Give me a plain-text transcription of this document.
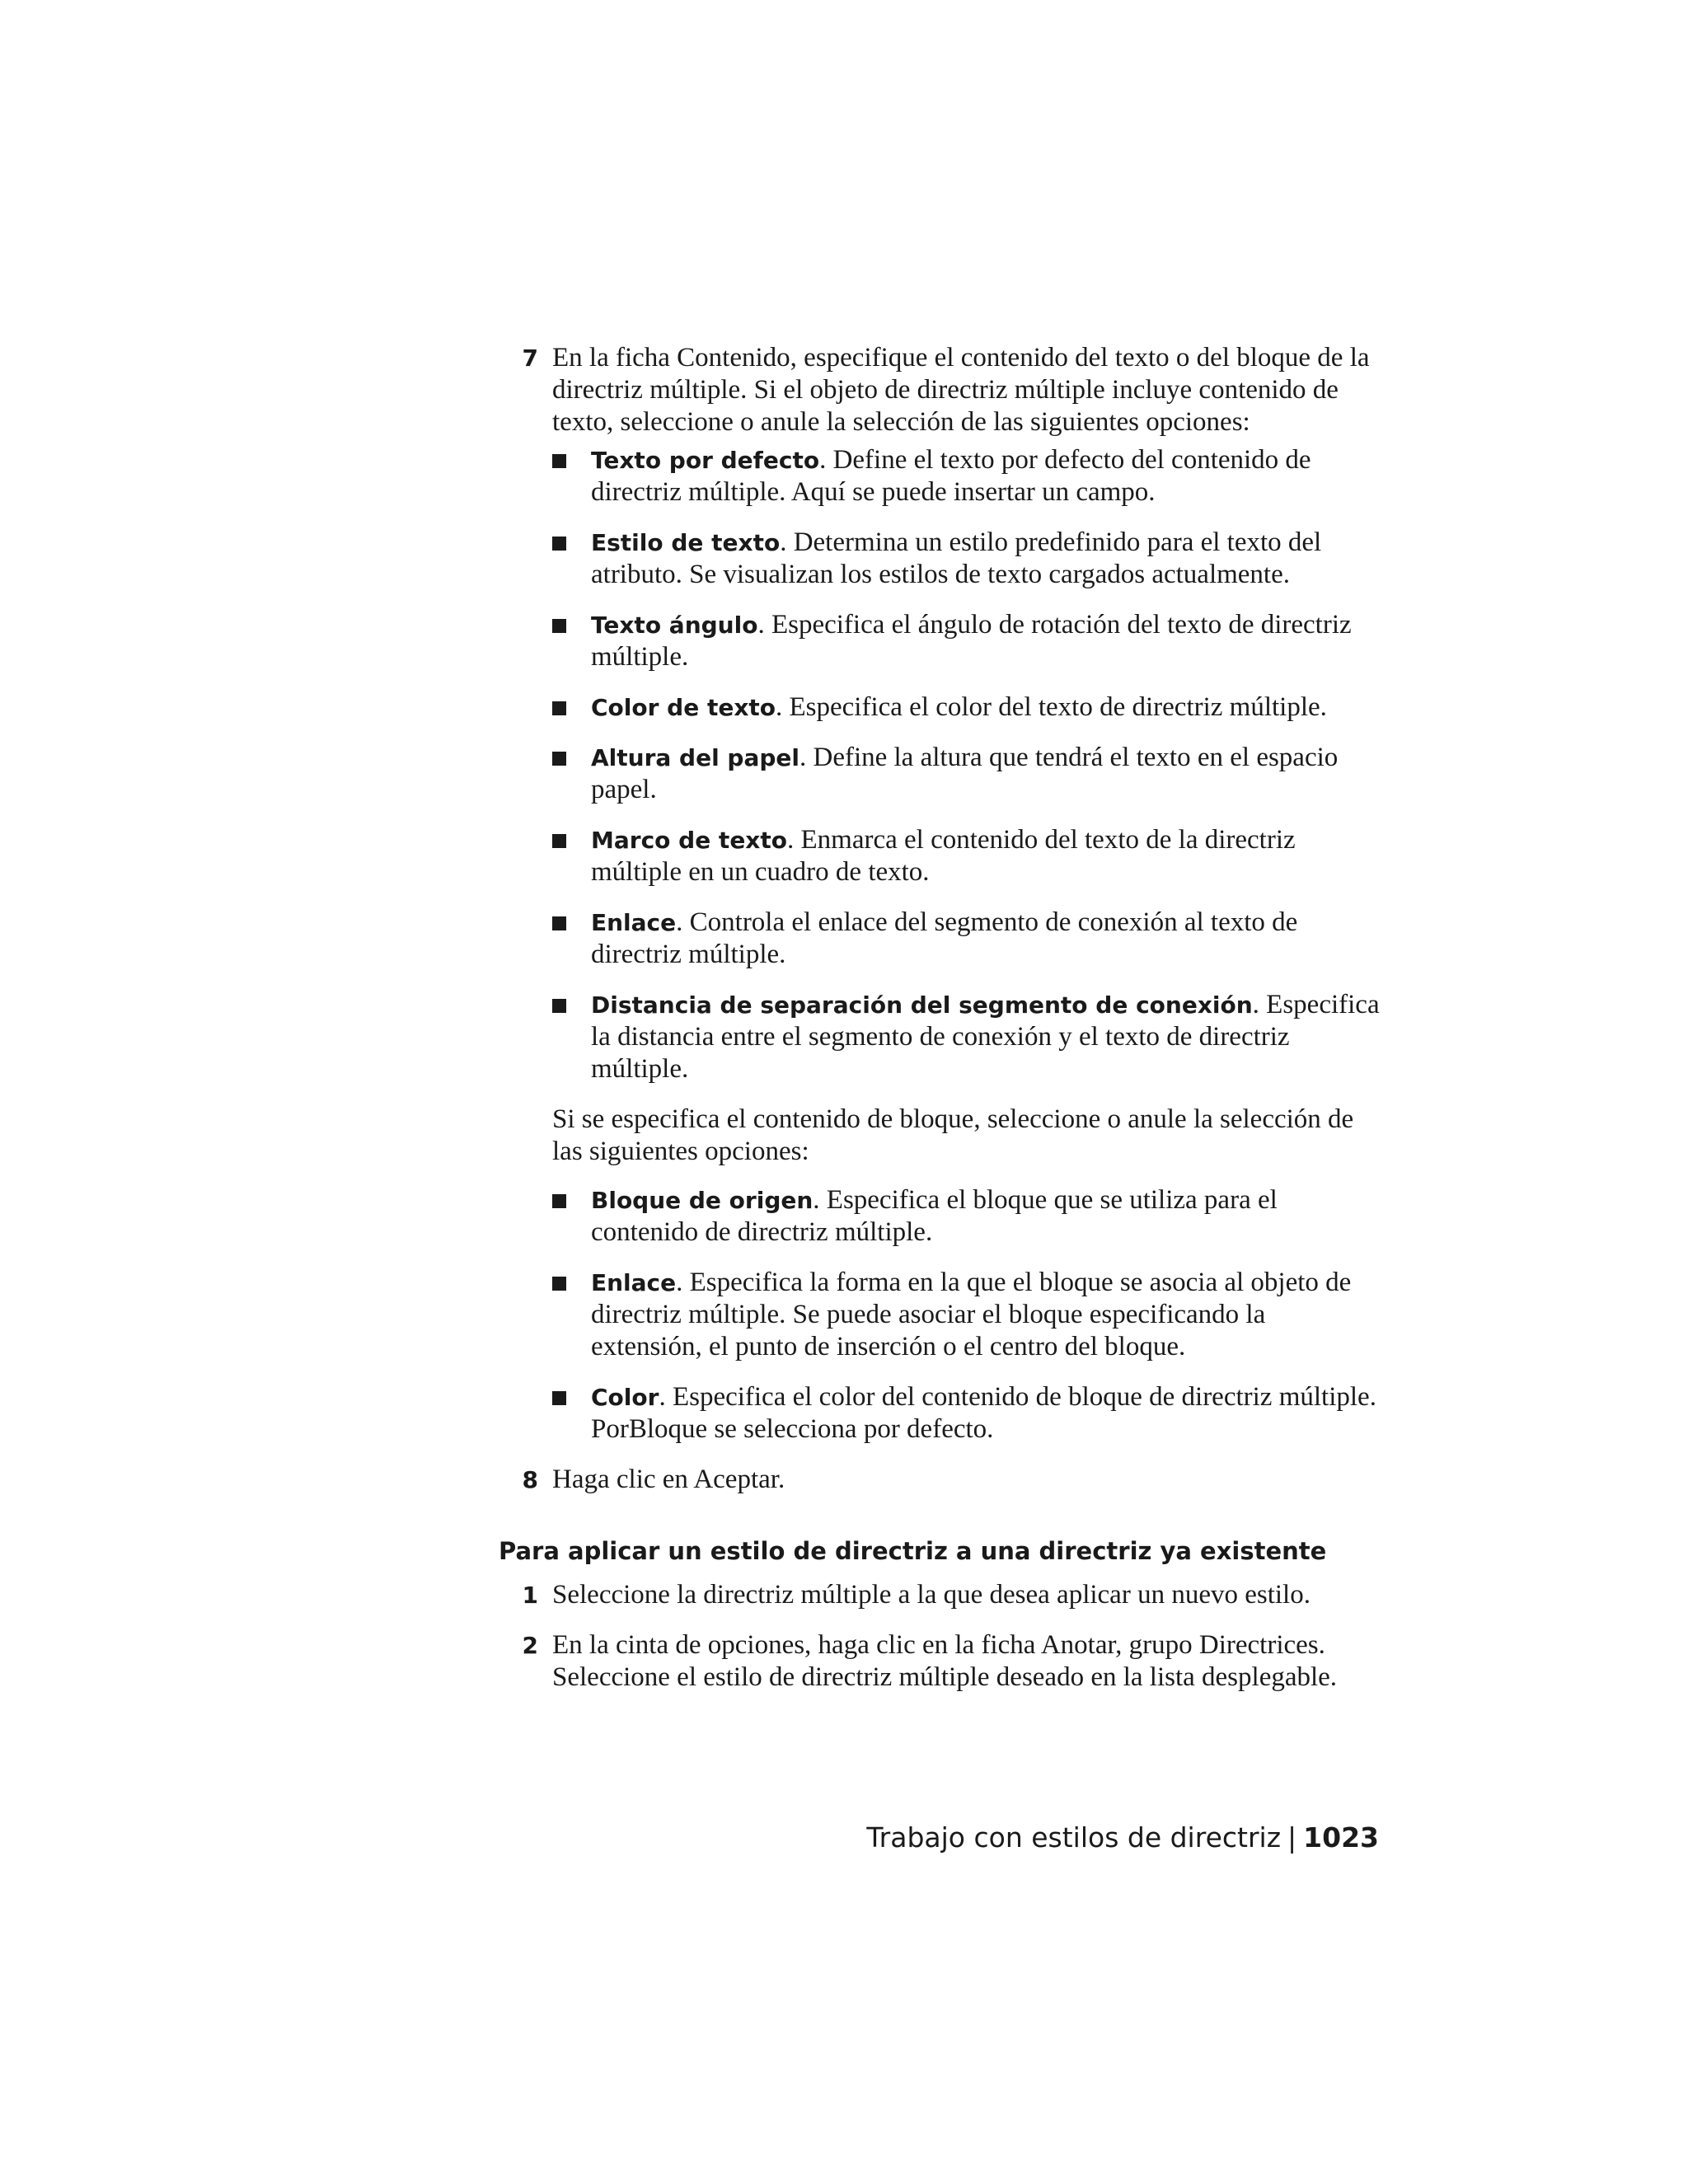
7 En la ficha Contenido, especifique el contenido del texto o del bloque de la directriz múltiple. Si el objeto de directriz múltiple incluye contenido de texto, seleccione o anule la selección de las siguientes opciones:

Texto por defecto. Define el texto por defecto del contenido de directriz múltiple. Aquí se puede insertar un campo.
Estilo de texto. Determina un estilo predefinido para el texto del atributo. Se visualizan los estilos de texto cargados actualmente.
Texto ángulo. Especifica el ángulo de rotación del texto de directriz múltiple.
Color de texto. Especifica el color del texto de directriz múltiple.
Altura del papel. Define la altura que tendrá el texto en el espacio papel.
Marco de texto. Enmarca el contenido del texto de la directriz múltiple en un cuadro de texto.
Enlace. Controla el enlace del segmento de conexión al texto de directriz múltiple.
Distancia de separación del segmento de conexión. Especifica la distancia entre el segmento de conexión y el texto de directriz múltiple.

Si se especifica el contenido de bloque, seleccione o anule la selección de las siguientes opciones:

Bloque de origen. Especifica el bloque que se utiliza para el contenido de directriz múltiple.
Enlace. Especifica la forma en la que el bloque se asocia al objeto de directriz múltiple. Se puede asociar el bloque especificando la extensión, el punto de inserción o el centro del bloque.
Color. Especifica el color del contenido de bloque de directriz múltiple. PorBloque se selecciona por defecto.
8 Haga clic en Aceptar.

Para aplicar un estilo de directriz a una directriz ya existente
1 Seleccione la directriz múltiple a la que desea aplicar un nuevo estilo.

2 En la cinta de opciones, haga clic en la ficha Anotar, grupo Directrices. Seleccione el estilo de directriz múltiple deseado en la lista desplegable.

Trabajo con estilos de directriz | 1023
